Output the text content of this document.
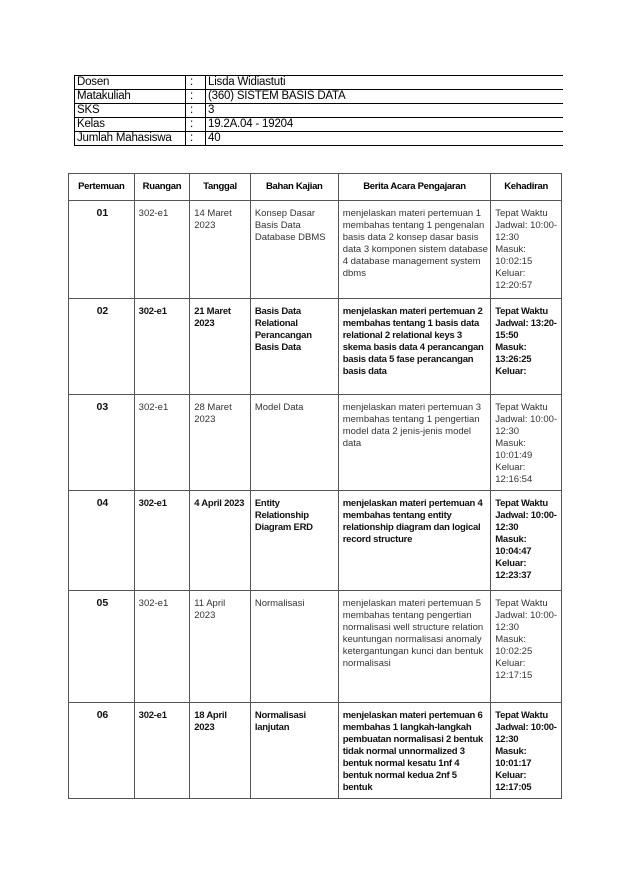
Dosen	:	Lisda Widiastuti
Matakuliah	:	(360) SISTEM BASIS DATA
SKS	:	3
Kelas	:	19.2A.04 - 19204
Jumlah Mahasiswa	:	40
Pertemuan	Ruangan	Tanggal	Bahan Kajian	Berita Acara Pengajaran	Kehadiran
01	302-e1	14 Maret 2023	Konsep Dasar Basis Data Database DBMS	menjelaskan materi pertemuan 1 membahas tentang 1 pengenalan basis data 2 konsep dasar basis data 3 komponen sistem database 4 database management system dbms	Tepat Waktu
Jadwal: 10:00-12:30
Masuk: 10:02:15
Keluar: 12:20:57

02	302-e1	21 Maret 2023	Basis Data Relational Perancangan Basis Data	menjelaskan materi pertemuan 2 membahas tentang 1 basis data relational 2 relational keys 3 skema basis data 4 perancangan basis data 5 fase perancangan basis data	Tepat Waktu
Jadwal: 13:20-15:50
Masuk: 13:26:25
Keluar:

03	302-e1	28 Maret 2023	Model Data	menjelaskan materi pertemuan 3 membahas tentang 1 pengertian model data 2 jenis-jenis model data	Tepat Waktu
Jadwal: 10:00-12:30
Masuk: 10:01:49
Keluar: 12:16:54

04	302-e1	4 April 2023	Entity Relationship Diagram ERD	menjelaskan materi pertemuan 4 membahas tentang entity relationship diagram dan logical record structure	Tepat Waktu
Jadwal: 10:00-12:30
Masuk: 10:04:47
Keluar: 12:23:37

05	302-e1	11 April 2023	Normalisasi	menjelaskan materi pertemuan 5 membahas tentang pengertian normalisasi well structure relation keuntungan normalisasi anomaly ketergantungan kunci dan bentuk normalisasi	Tepat Waktu
Jadwal: 10:00-12:30
Masuk: 10:02:25
Keluar: 12:17:15

06	302-e1	18 April 2023	Normalisasi lanjutan	menjelaskan materi pertemuan 6 membahas 1 langkah-langkah pembuatan normalisasi 2 bentuk tidak normal unnormalized 3 bentuk normal kesatu 1nf 4 bentuk normal kedua 2nf 5 bentuk	Tepat Waktu
Jadwal: 10:00-12:30
Masuk: 10:01:17
Keluar: 12:17:05
